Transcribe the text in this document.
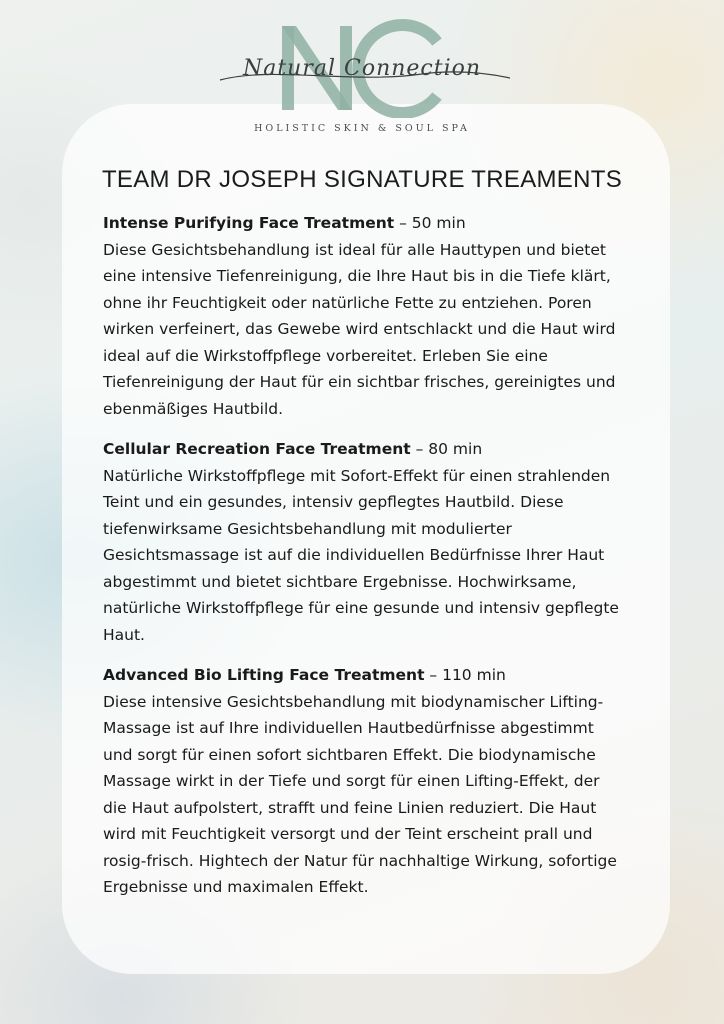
Natural Connection
HOLISTIC SKIN & SOUL SPA
TEAM DR JOSEPH SIGNATURE TREAMENTS
Intense Purifying Face Treatment – 50 min
Diese Gesichtsbehandlung ist ideal für alle Hauttypen und bietet eine intensive Tiefenreinigung, die Ihre Haut bis in die Tiefe klärt, ohne ihr Feuchtigkeit oder natürliche Fette zu entziehen. Poren wirken verfeinert, das Gewebe wird entschlackt und die Haut wird ideal auf die Wirkstoffpflege vorbereitet. Erleben Sie eine Tiefenreinigung der Haut für ein sichtbar frisches, gereinigtes und ebenmäßiges Hautbild.
Cellular Recreation Face Treatment – 80 min
Natürliche Wirkstoffpflege mit Sofort-Effekt für einen strahlenden Teint und ein gesundes, intensiv gepflegtes Hautbild. Diese tiefenwirksame Gesichtsbehandlung mit modulierter Gesichtsmassage ist auf die individuellen Bedürfnisse Ihrer Haut abgestimmt und bietet sichtbare Ergebnisse. Hochwirksame, natürliche Wirkstoffpflege für eine gesunde und intensiv gepflegte Haut.
Advanced Bio Lifting Face Treatment – 110 min
Diese intensive Gesichtsbehandlung mit biodynamischer Lifting-Massage ist auf Ihre individuellen Hautbedürfnisse abgestimmt und sorgt für einen sofort sichtbaren Effekt. Die biodynamische Massage wirkt in der Tiefe und sorgt für einen Lifting-Effekt, der die Haut aufpolstert, strafft und feine Linien reduziert. Die Haut wird mit Feuchtigkeit versorgt und der Teint erscheint prall und rosig-frisch. Hightech der Natur für nachhaltige Wirkung, sofortige Ergebnisse und maximalen Effekt.
